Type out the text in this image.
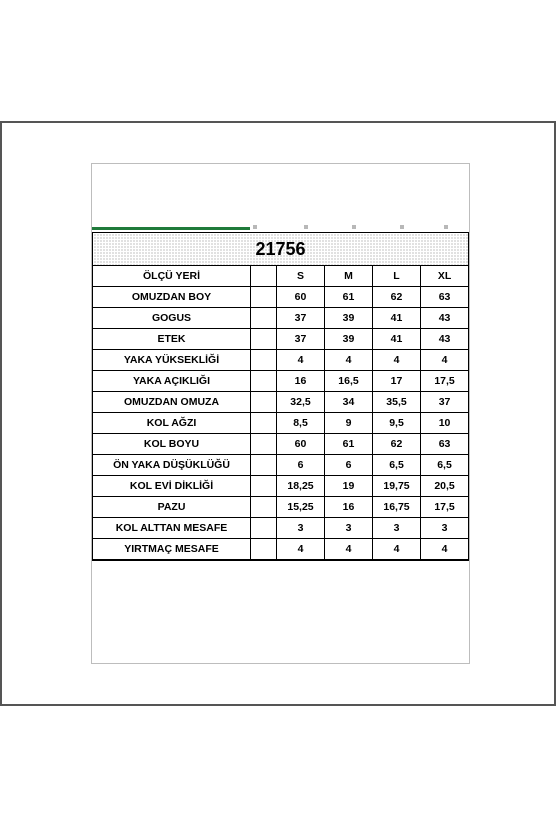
21756					
ÖLÇÜ YERİ		S	M	L	XL
OMUZDAN BOY		60	61	62	63
GOGUS		37	39	41	43
ETEK		37	39	41	43
YAKA YÜKSEKLİĞİ		4	4	4	4
YAKA AÇIKLIĞI		16	16,5	17	17,5
OMUZDAN OMUZA		32,5	34	35,5	37
KOL AĞZI		8,5	9	9,5	10
KOL BOYU		60	61	62	63
ÖN YAKA DÜŞÜKLÜĞÜ		6	6	6,5	6,5
KOL EVİ DİKLİĞİ		18,25	19	19,75	20,5
PAZU		15,25	16	16,75	17,5
KOL ALTTAN MESAFE		3	3	3	3
YIRTMAÇ MESAFE		4	4	4	4
